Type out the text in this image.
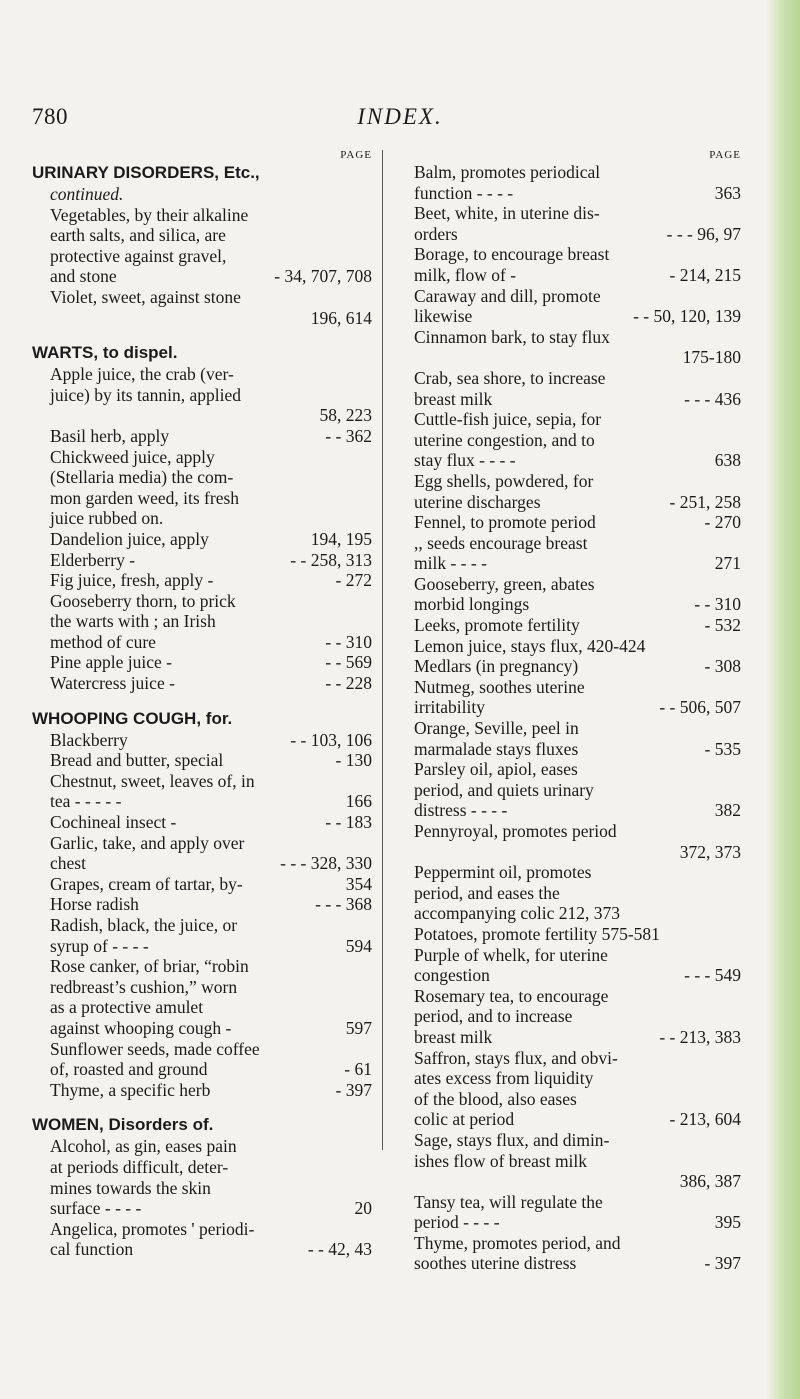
780	INDEX.
PAGE
URINARY DISORDERS, Etc.,
continued.
Vegetables, by their alkaline
earth salts, and silica, are
protective against gravel,
and stone	- 34, 707, 708
Violet, sweet, against stone
196, 614

WARTS, to dispel.
Apple juice, the crab (ver-
juice) by its tannin, applied
58, 223

Basil herb, apply	- - 362
Chickweed juice, apply
(Stellaria media) the com-
mon garden weed, its fresh
juice rubbed on.
Dandelion juice, apply	194, 195
Elderberry -	- - 258, 313
Fig juice, fresh, apply -	- 272
Gooseberry thorn, to prick
the warts with ; an Irish
method of cure	- - 310
Pine apple juice -	- - 569
Watercress juice -	- - 228
WHOOPING COUGH, for.
Blackberry	- - 103, 106
Bread and butter, special	- 130
Chestnut, sweet, leaves of, in
tea - - - - -	166
Cochineal insect -	- - 183
Garlic, take, and apply over
chest	- - - 328, 330
Grapes, cream of tartar, by-	354
Horse radish	- - - 368
Radish, black, the juice, or
syrup of - - - -	594
Rose canker, of briar, “robin
redbreast’s cushion,” worn
as a protective amulet
against whooping cough -	597
Sunflower seeds, made coffee
of, roasted and ground	- 61
Thyme, a specific herb	- 397
WOMEN, Disorders of.
Alcohol, as gin, eases pain
at periods difficult, deter-
mines towards the skin
surface - - - -	20
Angelica, promotes ' periodi-
cal function	- - 42, 43
PAGE
Balm, promotes periodical
function - - - -	363
Beet, white, in uterine dis-
orders	- - - 96, 97
Borage, to encourage breast
milk, flow of -	- 214, 215
Caraway and dill, promote
likewise	- - 50, 120, 139
Cinnamon bark, to stay flux
175-180

Crab, sea shore, to increase
breast milk	- - - 436
Cuttle-fish juice, sepia, for
uterine congestion, and to
stay flux - - - -	638
Egg shells, powdered, for
uterine discharges	- 251, 258
Fennel, to promote period	- 270
,, seeds encourage breast
milk - - - -	271
Gooseberry, green, abates
morbid longings	- - 310
Leeks, promote fertility	- 532
Lemon juice, stays flux, 420-424
Medlars (in pregnancy)	- 308
Nutmeg, soothes uterine
irritability	- - 506, 507
Orange, Seville, peel in
marmalade stays fluxes	- 535
Parsley oil, apiol, eases
period, and quiets urinary
distress - - - -	382
Pennyroyal, promotes period
372, 373

Peppermint oil, promotes
period, and eases the
accompanying colic 212, 373
Potatoes, promote fertility 575-581
Purple of whelk, for uterine
congestion	- - - 549
Rosemary tea, to encourage
period, and to increase
breast milk	- - 213, 383
Saffron, stays flux, and obvi-
ates excess from liquidity
of the blood, also eases
colic at period	- 213, 604
Sage, stays flux, and dimin-
ishes flow of breast milk
386, 387

Tansy tea, will regulate the
period - - - -	395
Thyme, promotes period, and
soothes uterine distress	- 397
